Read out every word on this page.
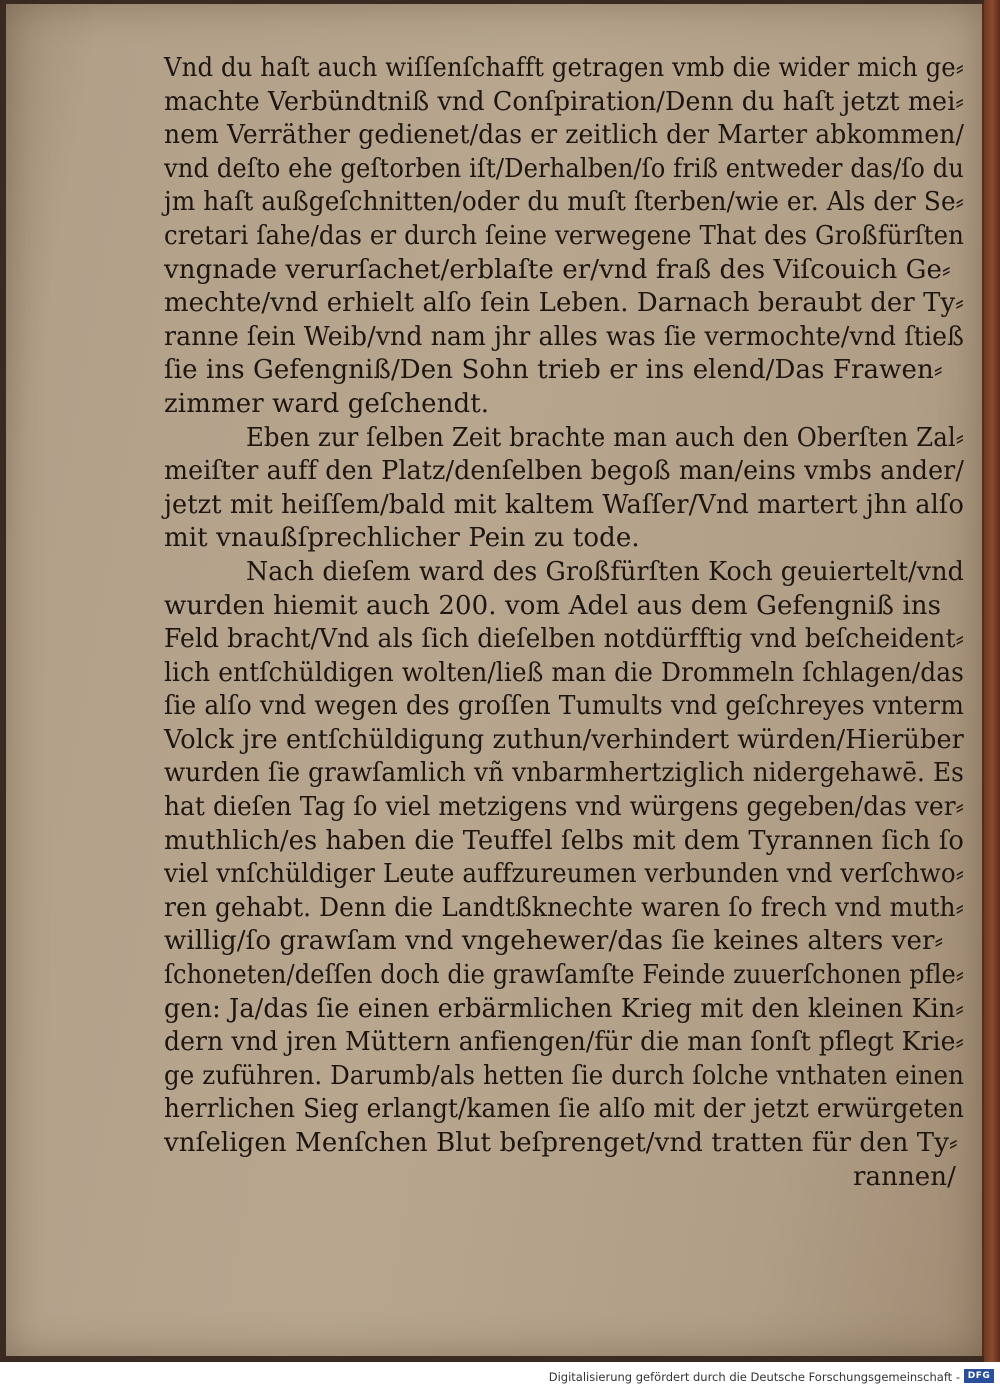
Vnd du haſt auch wiſſenſchafft getragen vmb die wider mich ge⸗
machte Verbündtniß vnd Conſpiration/Denn du haſt jetzt mei⸗
nem Verräther gedienet/das er zeitlich der Marter abkommen/
vnd deſto ehe geſtorben iſt/Derhalben/ſo friß entweder das/ſo du
jm haſt außgeſchnitten/oder du muſt ſterben/wie er. Als der Se⸗
cretari ſahe/das er durch ſeine verwegene That des Großfürſten
vngnade verurſachet/erblaſte er/vnd fraß des Viſcouich Ge⸗
mechte/vnd erhielt alſo ſein Leben. Darnach beraubt der Ty⸗
ranne ſein Weib/vnd nam jhr alles was ſie vermochte/vnd ſtieß
ſie ins Gefengniß/Den Sohn trieb er ins elend/Das Frawen⸗
zimmer ward geſchendt.
Eben zur ſelben Zeit brachte man auch den Oberſten Zal⸗
meiſter auff den Platz/denſelben begoß man/eins vmbs ander/
jetzt mit heiſſem/bald mit kaltem Waſſer/Vnd martert jhn alſo
mit vnaußſprechlicher Pein zu tode.
Nach dieſem ward des Großfürſten Koch geuiertelt/vnd
wurden hiemit auch 200. vom Adel aus dem Gefengniß ins
Feld bracht/Vnd als ſich dieſelben notdürfftig vnd beſcheident⸗
lich entſchüldigen wolten/ließ man die Drommeln ſchlagen/das
ſie alſo vnd wegen des groſſen Tumults vnd geſchreyes vnterm
Volck jre entſchüldigung zuthun/verhindert würden/Hierüber
wurden ſie grawſamlich vñ vnbarmhertziglich nidergehawē. Es
hat dieſen Tag ſo viel metzigens vnd würgens gegeben/das ver⸗
muthlich/es haben die Teuffel ſelbs mit dem Tyrannen ſich ſo
viel vnſchüldiger Leute auffzureumen verbunden vnd verſchwo⸗
ren gehabt. Denn die Landtßknechte waren ſo frech vnd muth⸗
willig/ſo grawſam vnd vngehewer/das ſie keines alters ver⸗
ſchoneten/deſſen doch die grawſamſte Feinde zuuerſchonen pfle⸗
gen: Ja/das ſie einen erbärmlichen Krieg mit den kleinen Kin⸗
dern vnd jren Müttern anfiengen/für die man ſonſt pflegt Krie⸗
ge zuführen. Darumb/als hetten ſie durch ſolche vnthaten einen
herrlichen Sieg erlangt/kamen ſie alſo mit der jetzt erwürgeten
vnſeligen Menſchen Blut beſprenget/vnd tratten für den Ty⸗
rannen/
Digitalisierung gefördert durch die Deutsche Forschungsgemeinschaft - DFG
